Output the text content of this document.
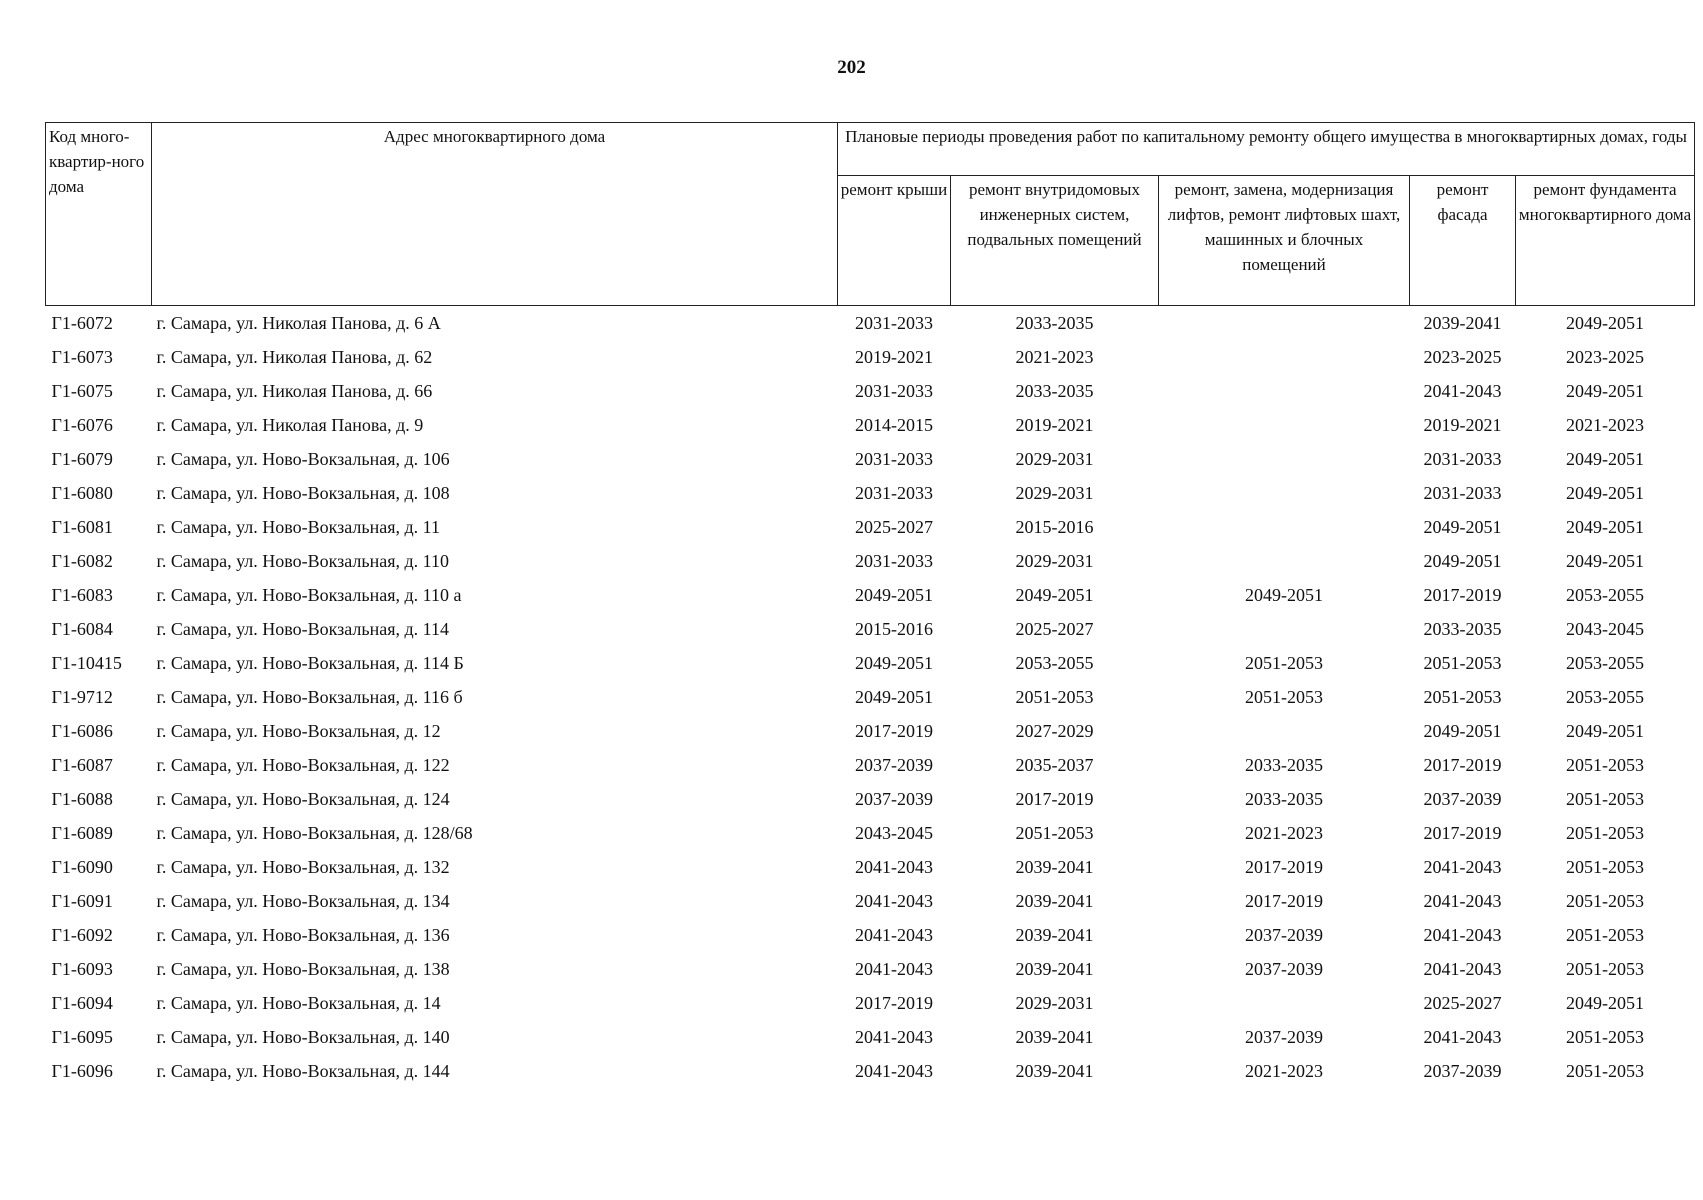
202
Код много-квартир-ного дома	Адрес многоквартирного дома	Плановые периоды проведения работ по капитальному ремонту общего имущества в многоквартирных домах, годы				
		ремонт крыши	ремонт внутридомовых инженерных систем, подвальных помещений	ремонт, замена, модернизация лифтов, ремонт лифтовых шахт, машинных и блочных помещений	ремонт фасада	ремонт фундамента многоквартирного дома
Г1-6072	г. Самара, ул. Николая Панова, д. 6 А	2031-2033	2033-2035		2039-2041	2049-2051
Г1-6073	г. Самара, ул. Николая Панова, д. 62	2019-2021	2021-2023		2023-2025	2023-2025
Г1-6075	г. Самара, ул. Николая Панова, д. 66	2031-2033	2033-2035		2041-2043	2049-2051
Г1-6076	г. Самара, ул. Николая Панова, д. 9	2014-2015	2019-2021		2019-2021	2021-2023
Г1-6079	г. Самара, ул. Ново-Вокзальная, д. 106	2031-2033	2029-2031		2031-2033	2049-2051
Г1-6080	г. Самара, ул. Ново-Вокзальная, д. 108	2031-2033	2029-2031		2031-2033	2049-2051
Г1-6081	г. Самара, ул. Ново-Вокзальная, д. 11	2025-2027	2015-2016		2049-2051	2049-2051
Г1-6082	г. Самара, ул. Ново-Вокзальная, д. 110	2031-2033	2029-2031		2049-2051	2049-2051
Г1-6083	г. Самара, ул. Ново-Вокзальная, д. 110 а	2049-2051	2049-2051	2049-2051	2017-2019	2053-2055
Г1-6084	г. Самара, ул. Ново-Вокзальная, д. 114	2015-2016	2025-2027		2033-2035	2043-2045
Г1-10415	г. Самара, ул. Ново-Вокзальная, д. 114 Б	2049-2051	2053-2055	2051-2053	2051-2053	2053-2055
Г1-9712	г. Самара, ул. Ново-Вокзальная, д. 116 б	2049-2051	2051-2053	2051-2053	2051-2053	2053-2055
Г1-6086	г. Самара, ул. Ново-Вокзальная, д. 12	2017-2019	2027-2029		2049-2051	2049-2051
Г1-6087	г. Самара, ул. Ново-Вокзальная, д. 122	2037-2039	2035-2037	2033-2035	2017-2019	2051-2053
Г1-6088	г. Самара, ул. Ново-Вокзальная, д. 124	2037-2039	2017-2019	2033-2035	2037-2039	2051-2053
Г1-6089	г. Самара, ул. Ново-Вокзальная, д. 128/68	2043-2045	2051-2053	2021-2023	2017-2019	2051-2053
Г1-6090	г. Самара, ул. Ново-Вокзальная, д. 132	2041-2043	2039-2041	2017-2019	2041-2043	2051-2053
Г1-6091	г. Самара, ул. Ново-Вокзальная, д. 134	2041-2043	2039-2041	2017-2019	2041-2043	2051-2053
Г1-6092	г. Самара, ул. Ново-Вокзальная, д. 136	2041-2043	2039-2041	2037-2039	2041-2043	2051-2053
Г1-6093	г. Самара, ул. Ново-Вокзальная, д. 138	2041-2043	2039-2041	2037-2039	2041-2043	2051-2053
Г1-6094	г. Самара, ул. Ново-Вокзальная, д. 14	2017-2019	2029-2031		2025-2027	2049-2051
Г1-6095	г. Самара, ул. Ново-Вокзальная, д. 140	2041-2043	2039-2041	2037-2039	2041-2043	2051-2053
Г1-6096	г. Самара, ул. Ново-Вокзальная, д. 144	2041-2043	2039-2041	2021-2023	2037-2039	2051-2053
